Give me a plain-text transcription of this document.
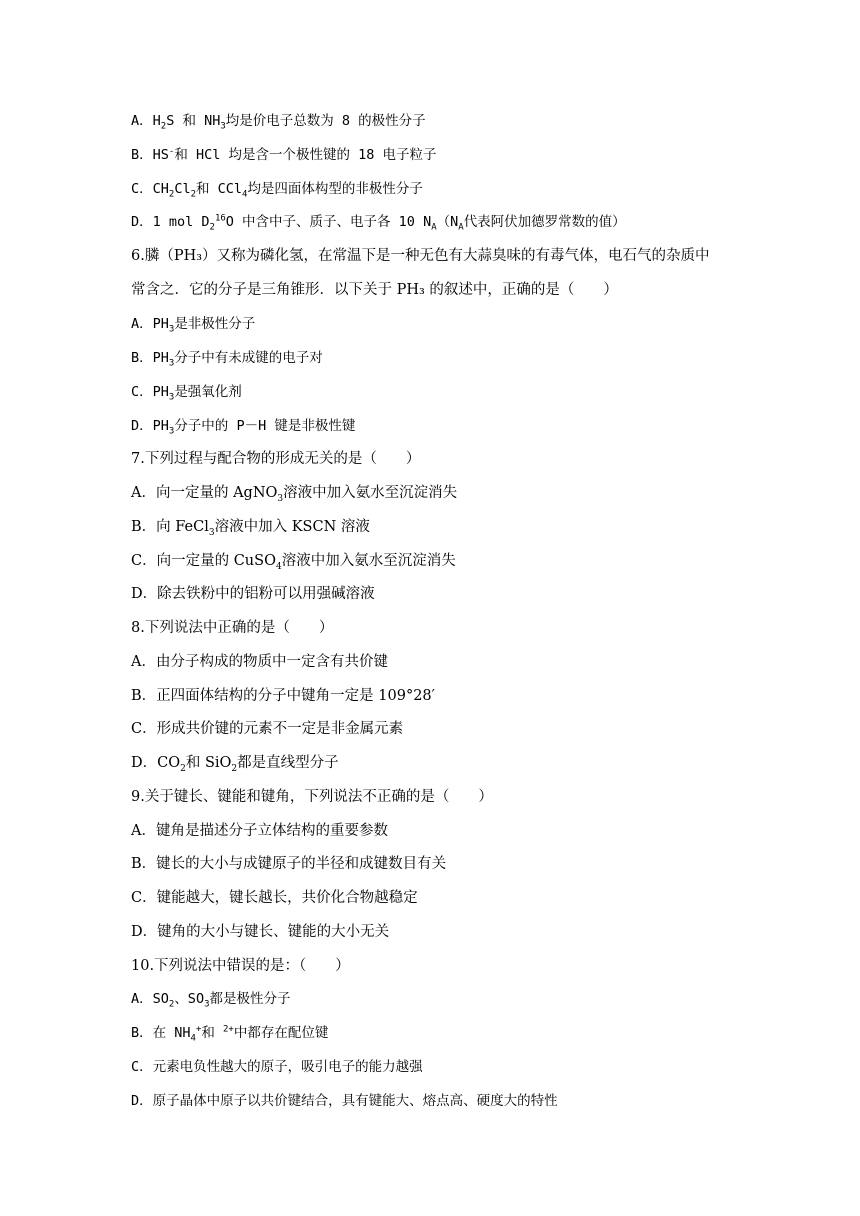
A．$H_2S$ 和 $NH_3$均是价电子总数为 8 的极性分子
B．HS-和 HCl 均是含一个极性键的 18 电子粒子
C．$CH_2Cl_2$和 CCl$_4$均是四面体构型的非极性分子
D．1 mol $D_2^{16}O$ 中含中子、质子、电子各 10 $N_A(N_A$代表阿伏加德罗常数的值）
6.膦（PH₃）又称为磷化氢，在常温下是一种无色有大蒜臭味的有毒气体，电石气的杂质中
常含之．它的分子是三角锥形．以下关于 PH₃ 的叙述中，正确的是（　　）
A．$PH_3$是非极性分子
B．$PH_3$分子中有未成键的电子对
C．$PH_3$是强氧化剂
D．$PH_3$分子中的 P－H 键是非极性键
7.下列过程与配合物的形成无关的是（　　）
A．向一定量的 AgNO$_3$溶液中加入氨水至沉淀消失
B．向 FeCl$_3$溶液中加入 KSCN 溶液
C．向一定量的 CuSO$_4$溶液中加入氨水至沉淀消失
D．除去铁粉中的铝粉可以用强碱溶液
8.下列说法中正确的是（　　）
A．由分子构成的物质中一定含有共价键
B．正四面体结构的分子中键角一定是 109°28′
C．形成共价键的元素不一定是非金属元素
D．$CO_2$和 SiO$_2$都是直线型分子
9.关于键长、键能和键角，下列说法不正确的是（　　）
A．键角是描述分子立体结构的重要参数
B．键长的大小与成键原子的半径和成键数目有关
C．键能越大，键长越长，共价化合物越稳定
D．键角的大小与键长、键能的大小无关
10.下列说法中错误的是：（　　）
A．$SO_2$、$SO_3$都是极性分子
B．在 $NH_4^+$和 $^{2+}$中都存在配位键
C．元素电负性越大的原子，吸引电子的能力越强
D．原子晶体中原子以共价键结合，具有键能大、熔点高、硬度大的特性
